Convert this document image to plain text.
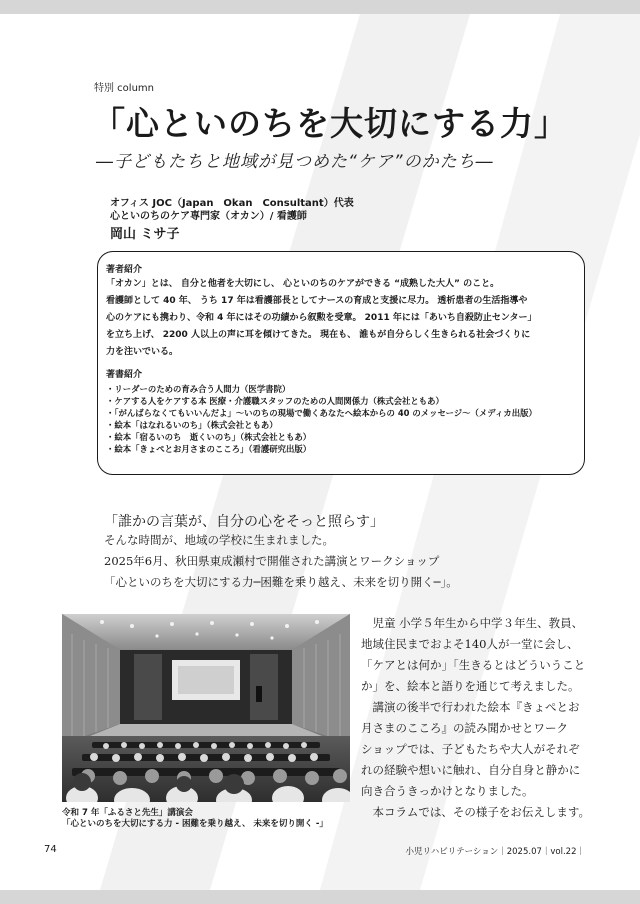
特別 column
「心といのちを大切にする力」
―子どもたちと地域が見つめた“ケア”のかたち―
オフィス JOC（Japan　Okan　Consultant）代表
心といのちのケア専門家（オカン）/ 看護師
岡山 ミサ子
著者紹介
「オカン」とは、 自分と他者を大切にし、 心といのちのケアができる “成熟した大人” のこと。
看護師として 40 年、 うち 17 年は看護部長としてナースの育成と支援に尽力。 透析患者の生活指導や
心のケアにも携わり、令和 4 年にはその功績から叙勲を受章。 2011 年には「あいち自殺防止センター」
を立ち上げ、 2200 人以上の声に耳を傾けてきた。 現在も、 誰もが自分らしく生きられる社会づくりに
力を注いでいる。
著書紹介
・リーダーのための育み合う人間力（医学書院）
・ケアする人をケアする本 医療・介護職スタッフのための人間関係力（株式会社ともあ）
・「がんばらなくてもいいんだよ」～いのちの現場で働くあなたへ絵本からの 40 のメッセージ～（メディカ出版）
・絵本「はなれるいのち」（株式会社ともあ）
・絵本「宿るいのち　逝くいのち」（株式会社ともあ）
・絵本「きょぺとお月さまのこころ」（看護研究出版）
「誰かの言葉が、自分の心をそっと照らす」
そんな時間が、地域の学校に生まれました。
2025年6月、秋田県東成瀬村で開催された講演とワークショップ
「心といのちを大切にする力─困難を乗り越え、未来を切り開く─」。
令和 7 年「ふるさと先生」講演会
「心といのちを大切にする力 - 困難を乗り越え、 未来を切り開く -」
　児童 小学５年生から中学３年生、教員、
地域住民までおよそ140人が一堂に会し、
「ケアとは何か」「生きるとはどういうこと
か」を、絵本と語りを通じて考えました。
　講演の後半で行われた絵本『きょぺとお
月さまのこころ』の読み聞かせとワーク
ショップでは、子どもたちや大人がそれぞ
れの経験や想いに触れ、自分自身と静かに
向き合うきっかけとなりました。
　本コラムでは、その様子をお伝えします。
74	小児リハビリテーション｜2025.07｜vol.22｜
